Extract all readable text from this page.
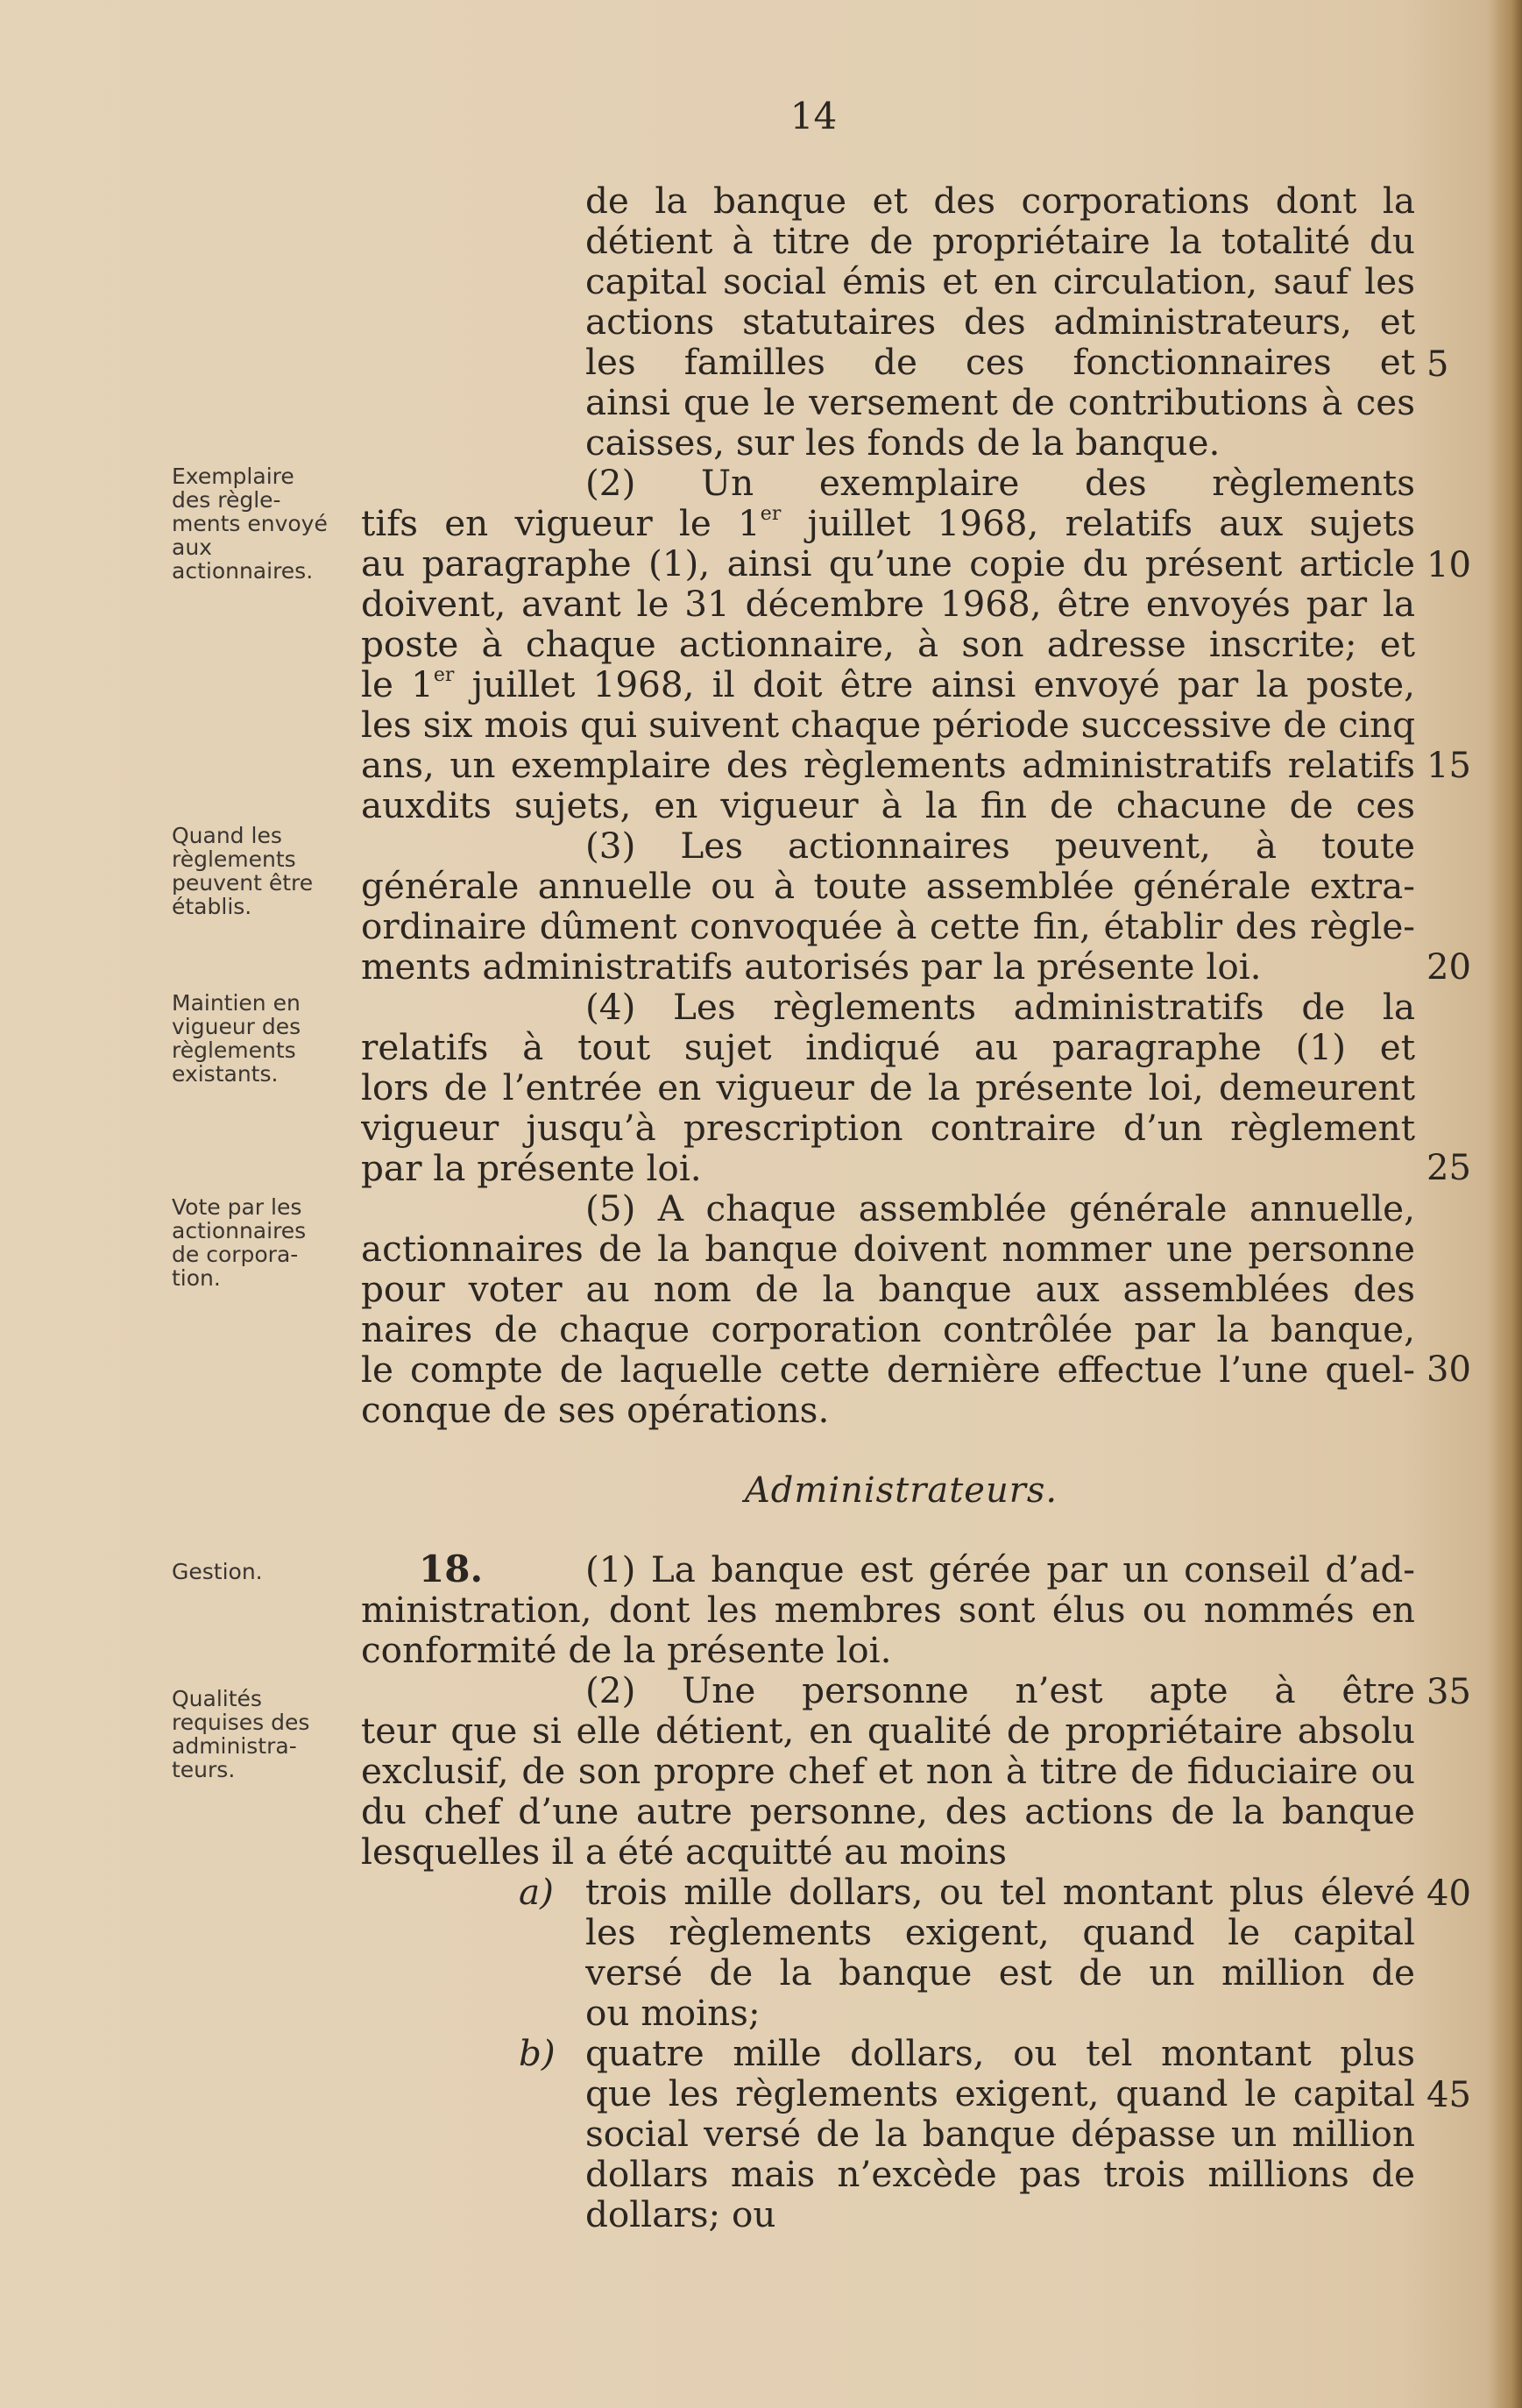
14
Exemplaire des règle-ments envoyé aux actionnaires.
Quand les règlements peuvent être établis.
Maintien en vigueur des règlements existants.
Vote par les actionnaires de corpora-tion.
Gestion.
Qualités requises des administra-teurs.
de la banque et des corporations dont la
détient à titre de propriétaire la totalité du
capital social émis et en circulation, sauf les
actions statutaires des administrateurs, et
les familles de ces fonctionnaires et
ainsi que le versement de contributions à ces
caisses, sur les fonds de la banque.
(2) Un exemplaire des règlements
tifs en vigueur le 1er juillet 1968, relatifs aux sujets
au paragraphe (1), ainsi qu’une copie du présent article
doivent, avant le 31 décembre 1968, être envoyés par la
poste à chaque actionnaire, à son adresse inscrite; et
le 1er juillet 1968, il doit être ainsi envoyé par la poste,
les six mois qui suivent chaque période successive de cinq
ans, un exemplaire des règlements administratifs relatifs
auxdits sujets, en vigueur à la fin de chacune de ces
(3) Les actionnaires peuvent, à toute
générale annuelle ou à toute assemblée générale extra-
ordinaire dûment convoquée à cette fin, établir des règle-
ments administratifs autorisés par la présente loi.
(4) Les règlements administratifs de la
relatifs à tout sujet indiqué au paragraphe (1) et
lors de l’entrée en vigueur de la présente loi, demeurent
vigueur jusqu’à prescription contraire d’un règlement
par la présente loi.
(5) A chaque assemblée générale annuelle,
actionnaires de la banque doivent nommer une personne
pour voter au nom de la banque aux assemblées des
naires de chaque corporation contrôlée par la banque,
le compte de laquelle cette dernière effectue l’une quel-
conque de ses opérations.
(1) La banque est gérée par un conseil d’ad-
ministration, dont les membres sont élus ou nommés en
conformité de la présente loi.
(2) Une personne n’est apte à être
teur que si elle détient, en qualité de propriétaire absolu
exclusif, de son propre chef et non à titre de fiduciaire ou
du chef d’une autre personne, des actions de la banque
lesquelles il a été acquitté au moins
trois mille dollars, ou tel montant plus élevé
les règlements exigent, quand le capital
versé de la banque est de un million de
ou moins;
quatre mille dollars, ou tel montant plus
que les règlements exigent, quand le capital
social versé de la banque dépasse un million
dollars mais n’excède pas trois millions de
dollars; ou
18.
a)
b)
Administrateurs.
5
10
15
20
25
30
35
40
45
